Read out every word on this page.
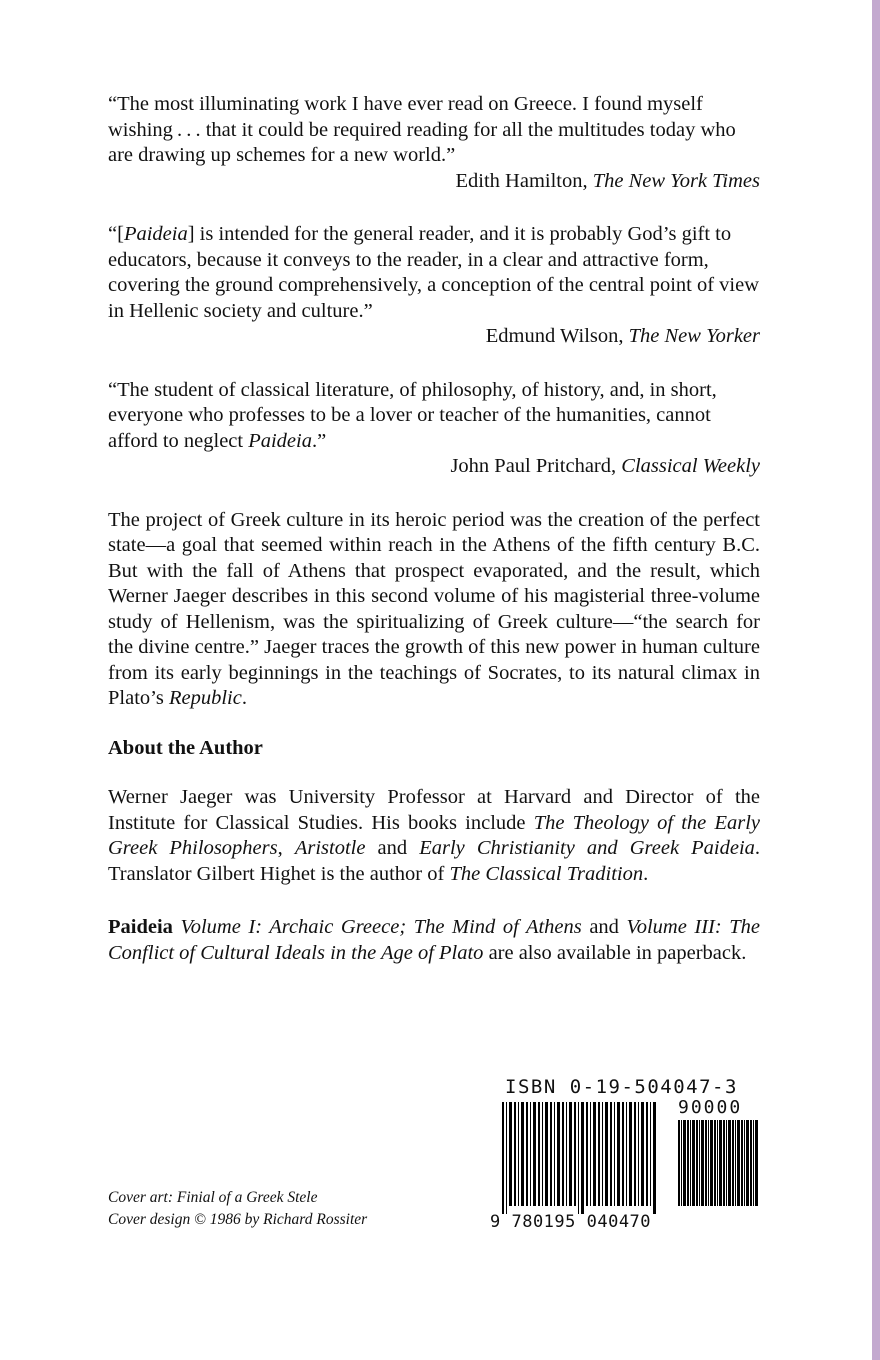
“The most illuminating work I have ever read on Greece. I found myself wishing . . . that it could be required reading for all the multitudes today who are drawing up schemes for a new world.”

Edith Hamilton, The New York Times

“[Paideia] is intended for the general reader, and it is probably God’s gift to educators, because it conveys to the reader, in a clear and attractive form, covering the ground comprehensively, a conception of the central point of view in Hellenic society and culture.”

Edmund Wilson, The New Yorker

“The student of classical literature, of philosophy, of history, and, in short, everyone who professes to be a lover or teacher of the humanities, cannot afford to neglect Paideia.”

John Paul Pritchard, Classical Weekly

The project of Greek culture in its heroic period was the creation of the perfect state—a goal that seemed within reach in the Athens of the fifth century B.C. But with the fall of Athens that prospect evaporated, and the result, which Werner Jaeger describes in this second volume of his magisterial three-volume study of Hellenism, was the spiritualizing of Greek culture—“the search for the divine centre.” Jaeger traces the growth of this new power in human culture from its early beginnings in the teachings of Socrates, to its natural climax in Plato’s Republic.

About the Author

Werner Jaeger was University Professor at Harvard and Director of the Institute for Classical Studies. His books include The Theology of the Early Greek Philosophers, Aristotle and Early Christianity and Greek Paideia. Translator Gilbert Highet is the author of The Classical Tradition.

Paideia Volume I: Archaic Greece; The Mind of Athens and Volume III: The Conflict of Cultural Ideals in the Age of Plato are also available in paperback.

Cover art: Finial of a Greek Stele
Cover design © 1986 by Richard Rossiter
ISBN 0-19-504047-3
90000
9 780195 040470
